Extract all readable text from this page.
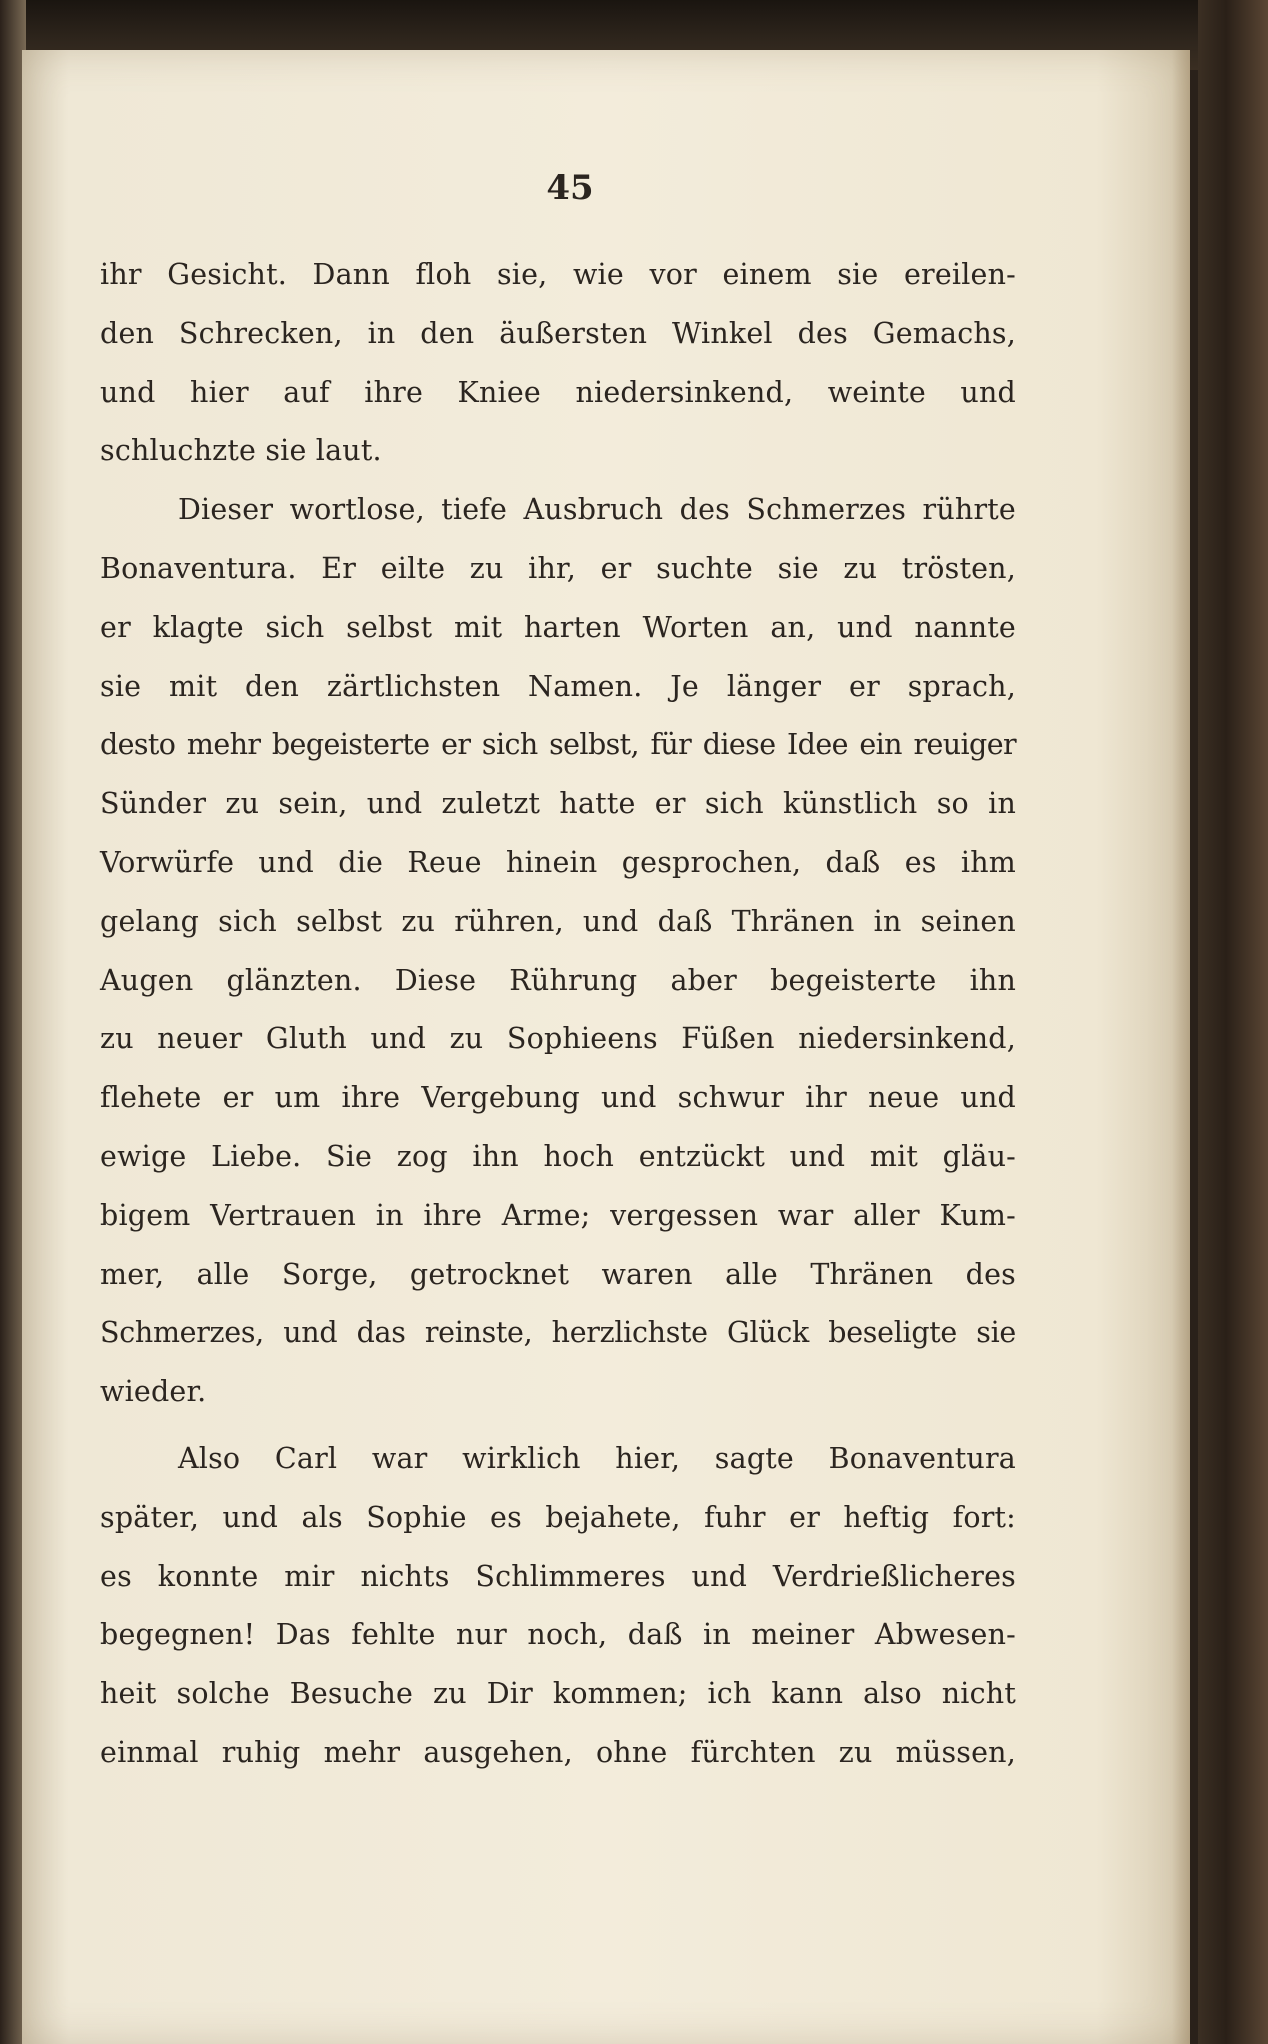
45
ihr Gesicht. Dann floh sie, wie vor einem sie ereilen-
den Schrecken, in den äußersten Winkel des Gemachs,
und hier auf ihre Kniee niedersinkend, weinte und
schluchzte sie laut.
Dieser wortlose, tiefe Ausbruch des Schmerzes rührte
Bonaventura. Er eilte zu ihr, er suchte sie zu trösten,
er klagte sich selbst mit harten Worten an, und nannte
sie mit den zärtlichsten Namen. Je länger er sprach,
desto mehr begeisterte er sich selbst, für diese Idee ein reuiger
Sünder zu sein, und zuletzt hatte er sich künstlich so in
Vorwürfe und die Reue hinein gesprochen, daß es ihm
gelang sich selbst zu rühren, und daß Thränen in seinen
Augen glänzten. Diese Rührung aber begeisterte ihn
zu neuer Gluth und zu Sophieens Füßen niedersinkend,
flehete er um ihre Vergebung und schwur ihr neue und
ewige Liebe. Sie zog ihn hoch entzückt und mit gläu-
bigem Vertrauen in ihre Arme; vergessen war aller Kum-
mer, alle Sorge, getrocknet waren alle Thränen des
Schmerzes, und das reinste, herzlichste Glück beseligte sie
wieder.
Also Carl war wirklich hier, sagte Bonaventura
später, und als Sophie es bejahete, fuhr er heftig fort:
es konnte mir nichts Schlimmeres und Verdrießlicheres
begegnen! Das fehlte nur noch, daß in meiner Abwesen-
heit solche Besuche zu Dir kommen; ich kann also nicht
einmal ruhig mehr ausgehen, ohne fürchten zu müssen,
